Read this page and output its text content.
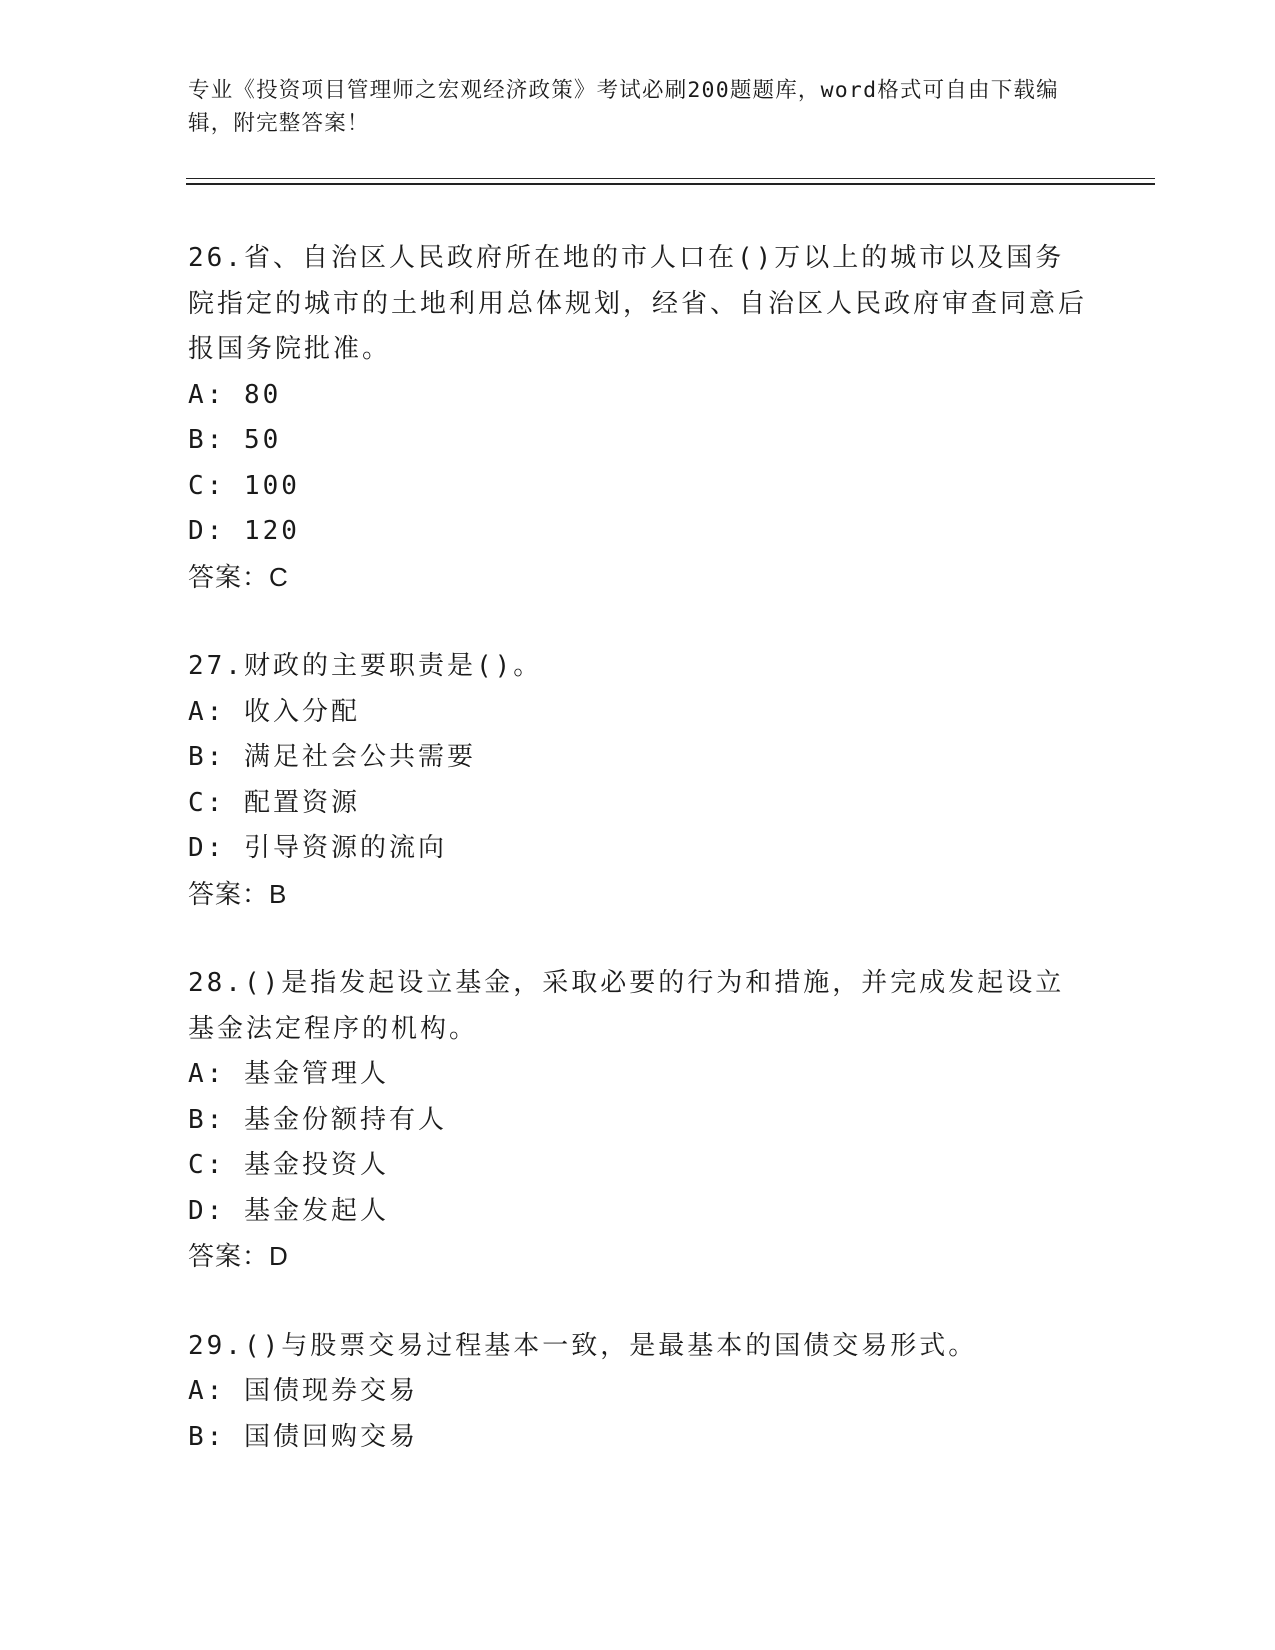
专业《投资项目管理师之宏观经济政策》考试必刷200题题库，word格式可自由下载编辑，附完整答案！

26.省、自治区人民政府所在地的市人口在()万以上的城市以及国务院指定的城市的土地利用总体规划，经省、自治区人民政府审查同意后报国务院批准。

A: 80

B: 50

C: 100

D: 120

答案：C

27.财政的主要职责是()。

A: 收入分配

B: 满足社会公共需要

C: 配置资源

D: 引导资源的流向

答案：B

28.()是指发起设立基金，采取必要的行为和措施，并完成发起设立基金法定程序的机构。

A: 基金管理人

B: 基金份额持有人

C: 基金投资人

D: 基金发起人

答案：D

29.()与股票交易过程基本一致，是最基本的国债交易形式。

A: 国债现券交易

B: 国债回购交易
